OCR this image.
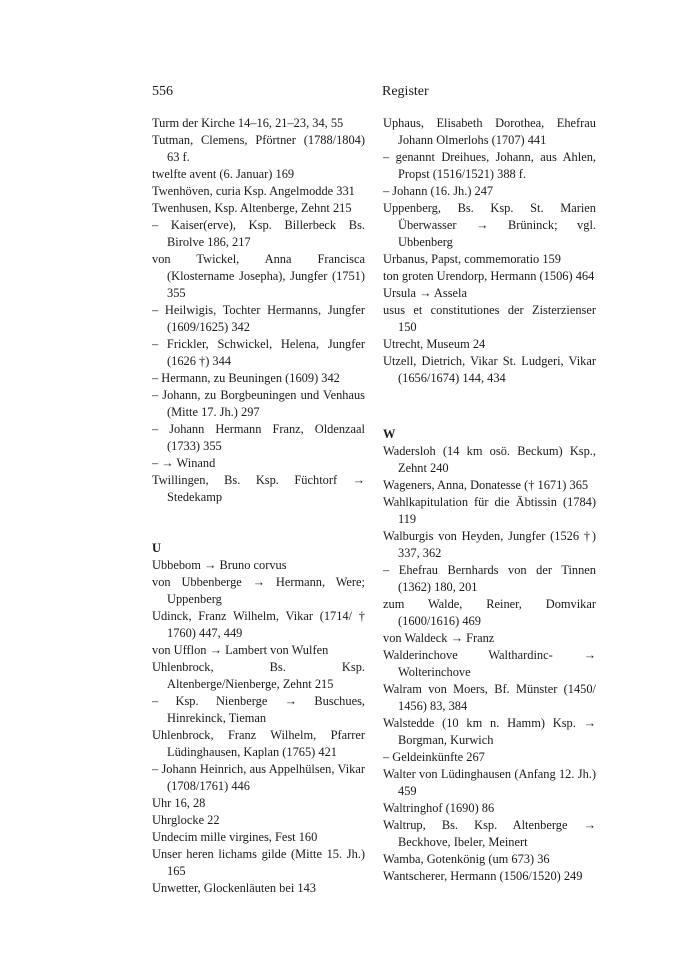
556	Register

Turm der Kirche 14–16, 21–23, 34, 55

Tutman, Clemens, Pförtner (1788/1804) 63 f.

twelfte avent (6. Januar) 169

Twenhöven, curia Ksp. Angelmodde 331

Twenhusen, Ksp. Altenberge, Zehnt 215

– Kaiser(erve), Ksp. Billerbeck Bs. Birolve 186, 217

von Twickel, Anna Francisca (Klostername Josepha), Jungfer (1751) 355

– Heilwigis, Tochter Hermanns, Jungfer (1609/1625) 342

– Frickler, Schwickel, Helena, Jungfer (1626 †) 344

– Hermann, zu Beuningen (1609) 342

– Johann, zu Borgbeuningen und Venhaus (Mitte 17. Jh.) 297

– Johann Hermann Franz, Oldenzaal (1733) 355

– → Winand

Twillingen, Bs. Ksp. Füchtorf → Stedekamp

U

Ubbebom → Bruno corvus

von Ubbenberge → Hermann, Were; Uppenberg

Udinck, Franz Wilhelm, Vikar (1714/ † 1760) 447, 449

von Ufflon → Lambert von Wulfen

Uhlenbrock, Bs. Ksp. Altenberge/Nienberge, Zehnt 215

– Ksp. Nienberge → Buschues, Hinrekinck, Tieman

Uhlenbrock, Franz Wilhelm, Pfarrer Lüdinghausen, Kaplan (1765) 421

– Johann Heinrich, aus Appelhülsen, Vikar (1708/1761) 446

Uhr 16, 28

Uhrglocke 22

Undecim mille virgines, Fest 160

Unser heren lichams gilde (Mitte 15. Jh.) 165

Unwetter, Glockenläuten bei 143

Uphaus, Elisabeth Dorothea, Ehefrau Johann Olmerlohs (1707) 441

– genannt Dreihues, Johann, aus Ahlen, Propst (1516/1521) 388 f.

– Johann (16. Jh.) 247

Uppenberg, Bs. Ksp. St. Marien Überwasser → Brüninck; vgl. Ubbenberg

Urbanus, Papst, commemoratio 159

ton groten Urendorp, Hermann (1506) 464

Ursula → Assela

usus et constitutiones der Zisterzienser 150

Utrecht, Museum 24

Utzell, Dietrich, Vikar St. Ludgeri, Vikar (1656/1674) 144, 434

W

Wadersloh (14 km osö. Beckum) Ksp., Zehnt 240

Wageners, Anna, Donatesse († 1671) 365

Wahlkapitulation für die Äbtissin (1784) 119

Walburgis von Heyden, Jungfer (1526 †) 337, 362

– Ehefrau Bernhards von der Tinnen (1362) 180, 201

zum Walde, Reiner, Domvikar (1600/1616) 469

von Waldeck → Franz

Walderinchove Walthardinc- → Wolterinchove

Walram von Moers, Bf. Münster (1450/ 1456) 83, 384

Walstedde (10 km n. Hamm) Ksp. → Borgman, Kurwich

– Geldeinkünfte 267

Walter von Lüdinghausen (Anfang 12. Jh.) 459

Waltringhof (1690) 86

Waltrup, Bs. Ksp. Altenberge → Beckhove, Ibeler, Meinert

Wamba, Gotenkönig (um 673) 36

Wantscherer, Hermann (1506/1520) 249
